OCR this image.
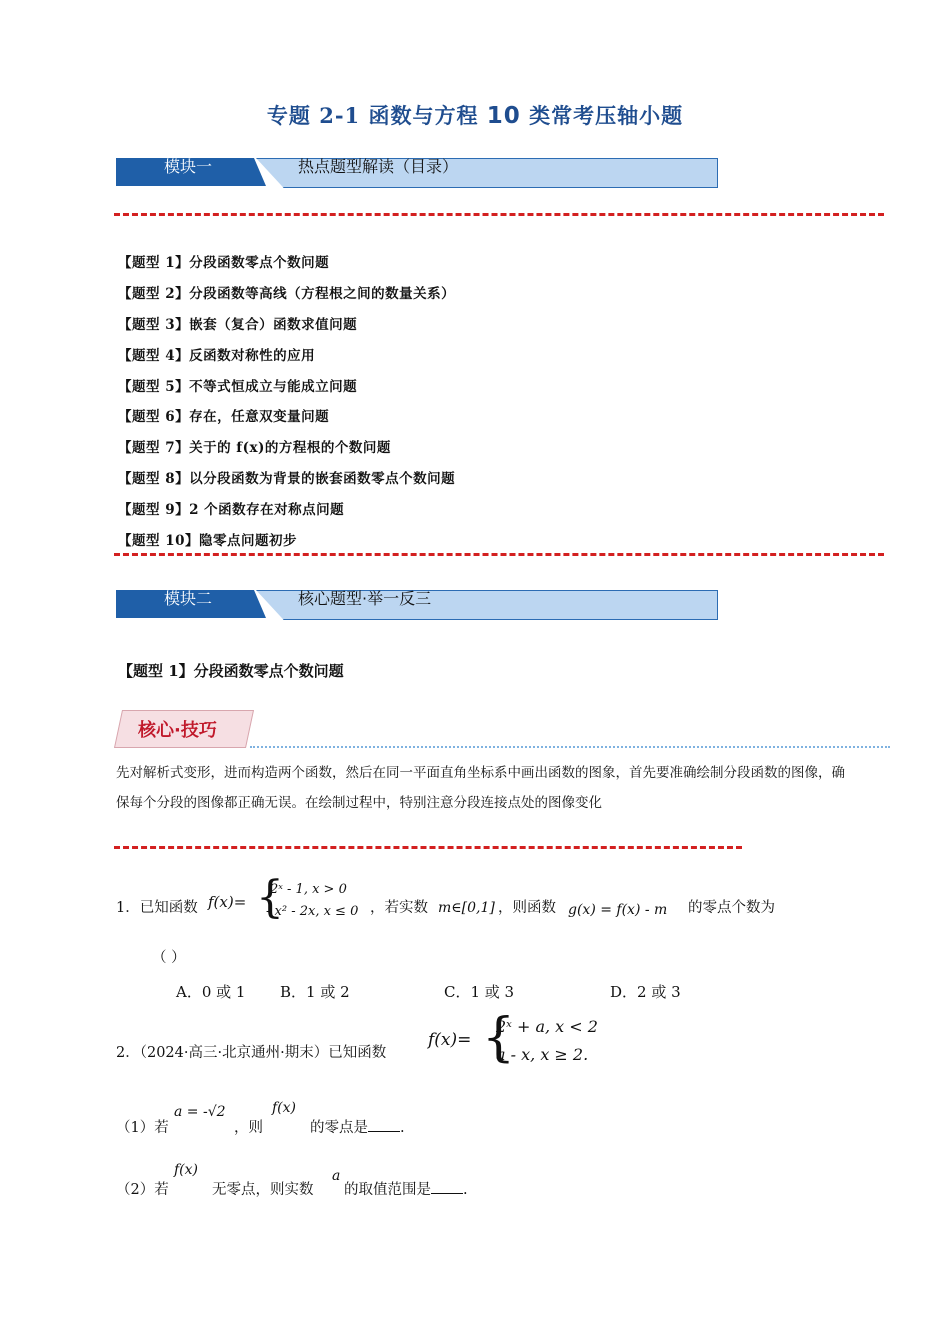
专题 2-1 函数与方程 10 类常考压轴小题
模块一	热点题型解读（目录）
【题型 1】分段函数零点个数问题
【题型 2】分段函数等高线（方程根之间的数量关系）
【题型 3】嵌套（复合）函数求值问题
【题型 4】反函数对称性的应用
【题型 5】不等式恒成立与能成立问题
【题型 6】存在，任意双变量问题
【题型 7】关于的 f(x)的方程根的个数问题
【题型 8】以分段函数为背景的嵌套函数零点个数问题
【题型 9】2 个函数存在对称点问题
【题型 10】隐零点问题初步
模块二	核心题型·举一反三
【题型 1】分段函数零点个数问题
核心·技巧
先对解析式变形，进而构造两个函数，然后在同一平面直角坐标系中画出函数的图象，首先要准确绘制分段函数的图像，确保每个分段的图像都正确无误。在绘制过程中，特别注意分段连接点处的图像变化
1．已知函数 f(x)= {
2ˣ - 1, x > 0
- x² - 2x, x ≤ 0 ，若实数 m∈[0,1] ，则函数 g(x) = f(x) - m 的零点个数为
（ ）
A．0 或 1 B．1 或 2	C．1 或 3	D．2 或 3
2．（2024·高三·北京通州·期末）已知函数
f(x)= {
2ˣ + a, x < 2
a - x, x ≥ 2.
（1）若
a = -√2
，则
f(x)
的零点是 .
（2）若
f(x)
无零点，则实数
a
的取值范围是 .
